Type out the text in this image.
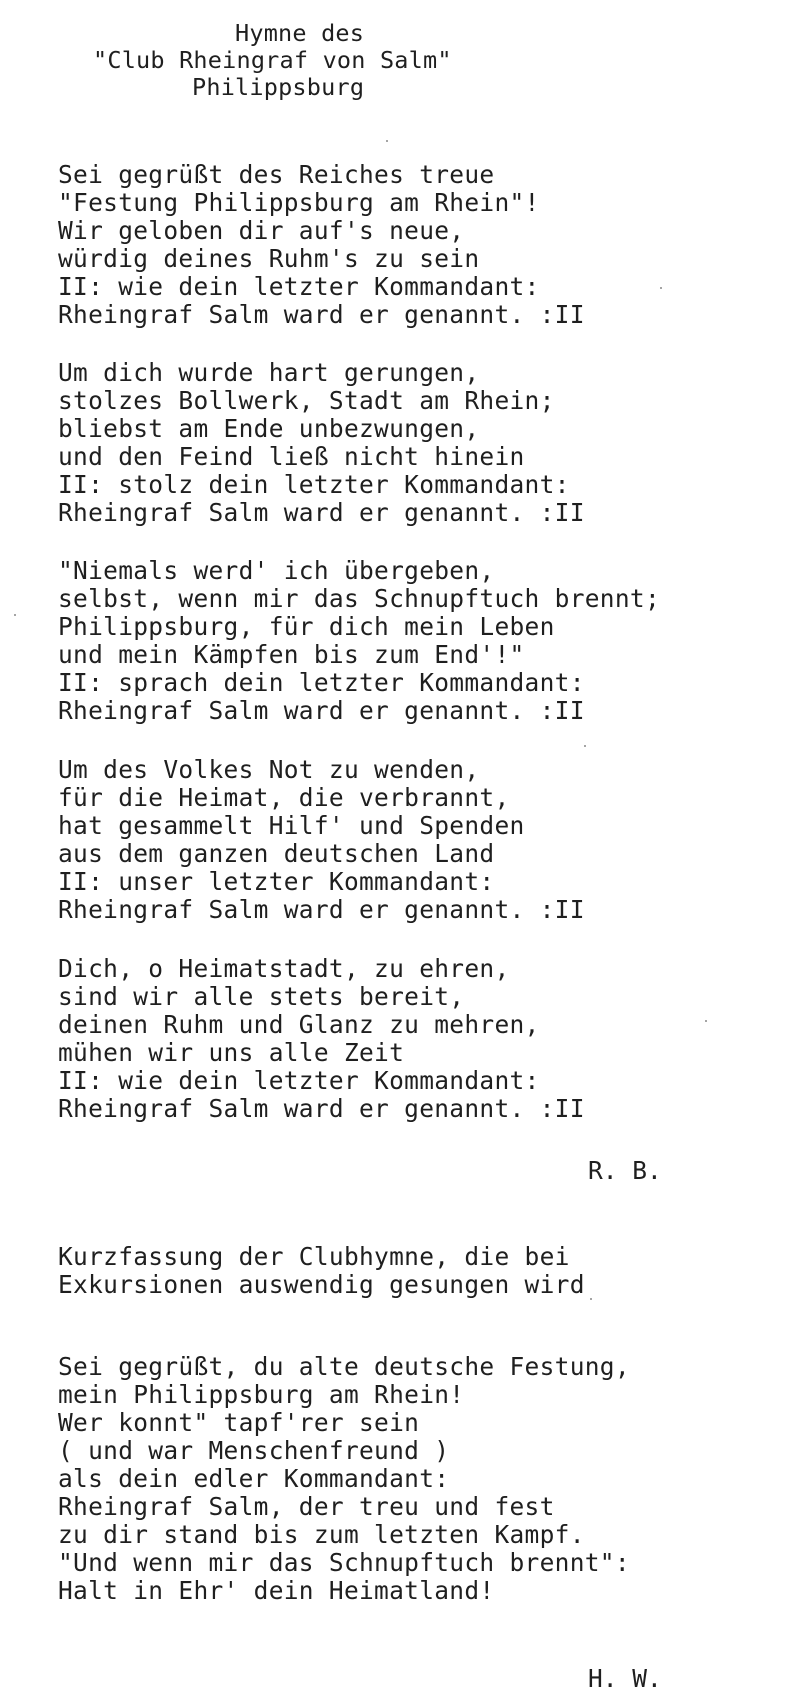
Hymne des
"Club Rheingraf von Salm"
Philippsburg
Sei gegrüßt des Reiches treue
"Festung Philippsburg am Rhein"!
Wir geloben dir auf's neue,
würdig deines Ruhm's zu sein
II: wie dein letzter Kommandant:
Rheingraf Salm ward er genannt. :II
Um dich wurde hart gerungen,
stolzes Bollwerk, Stadt am Rhein;
bliebst am Ende unbezwungen,
und den Feind ließ nicht hinein
II: stolz dein letzter Kommandant:
Rheingraf Salm ward er genannt. :II
"Niemals werd' ich übergeben,
selbst, wenn mir das Schnupftuch brennt;
Philippsburg, für dich mein Leben
und mein Kämpfen bis zum End'!"
II: sprach dein letzter Kommandant:
Rheingraf Salm ward er genannt. :II
Um des Volkes Not zu wenden,
für die Heimat, die verbrannt,
hat gesammelt Hilf' und Spenden
aus dem ganzen deutschen Land
II: unser letzter Kommandant:
Rheingraf Salm ward er genannt. :II
Dich, o Heimatstadt, zu ehren,
sind wir alle stets bereit,
deinen Ruhm und Glanz zu mehren,
mühen wir uns alle Zeit
II: wie dein letzter Kommandant:
Rheingraf Salm ward er genannt. :II
R. B.
Kurzfassung der Clubhymne, die bei
Exkursionen auswendig gesungen wird
Sei gegrüßt, du alte deutsche Festung,
mein Philippsburg am Rhein!
Wer konnt" tapf'rer sein
( und war Menschenfreund )
als dein edler Kommandant:
Rheingraf Salm, der treu und fest
zu dir stand bis zum letzten Kampf.
"Und wenn mir das Schnupftuch brennt":
Halt in Ehr' dein Heimatland!
H. W.
